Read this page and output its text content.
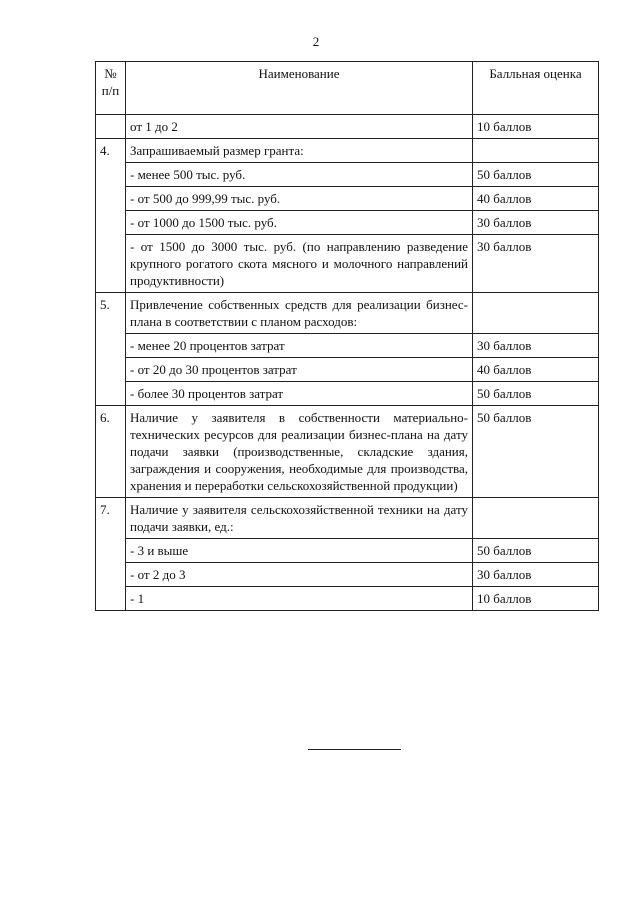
2
№ п/п	Наименование	Балльная оценка
	от 1 до 2	10 баллов
4.	Запрашиваемый размер гранта:	
	- менее 500 тыс. руб.	50 баллов
	- от 500 до 999,99 тыс. руб.	40 баллов
	- от 1000 до 1500 тыс. руб.	30 баллов
	- от 1500 до 3000 тыс. руб. (по направлению разведение крупного рогатого скота мясного и молочного направлений продуктивности)	30 баллов
5.	Привлечение собственных средств для реализации бизнес-плана в соответствии с планом расходов:	
	- менее 20 процентов затрат	30 баллов
	- от 20 до 30 процентов затрат	40 баллов
	- более 30 процентов затрат	50 баллов
6.	Наличие у заявителя в собственности материально-технических ресурсов для реализации бизнес-плана на дату подачи заявки (производственные, складские здания, заграждения и сооружения, необходимые для производства, хранения и переработки сельскохозяйственной продукции)	50 баллов
7.	Наличие у заявителя сельскохозяйственной техники на дату подачи заявки, ед.:	
	- 3 и выше	50 баллов
	- от 2 до 3	30 баллов
	- 1	10 баллов
